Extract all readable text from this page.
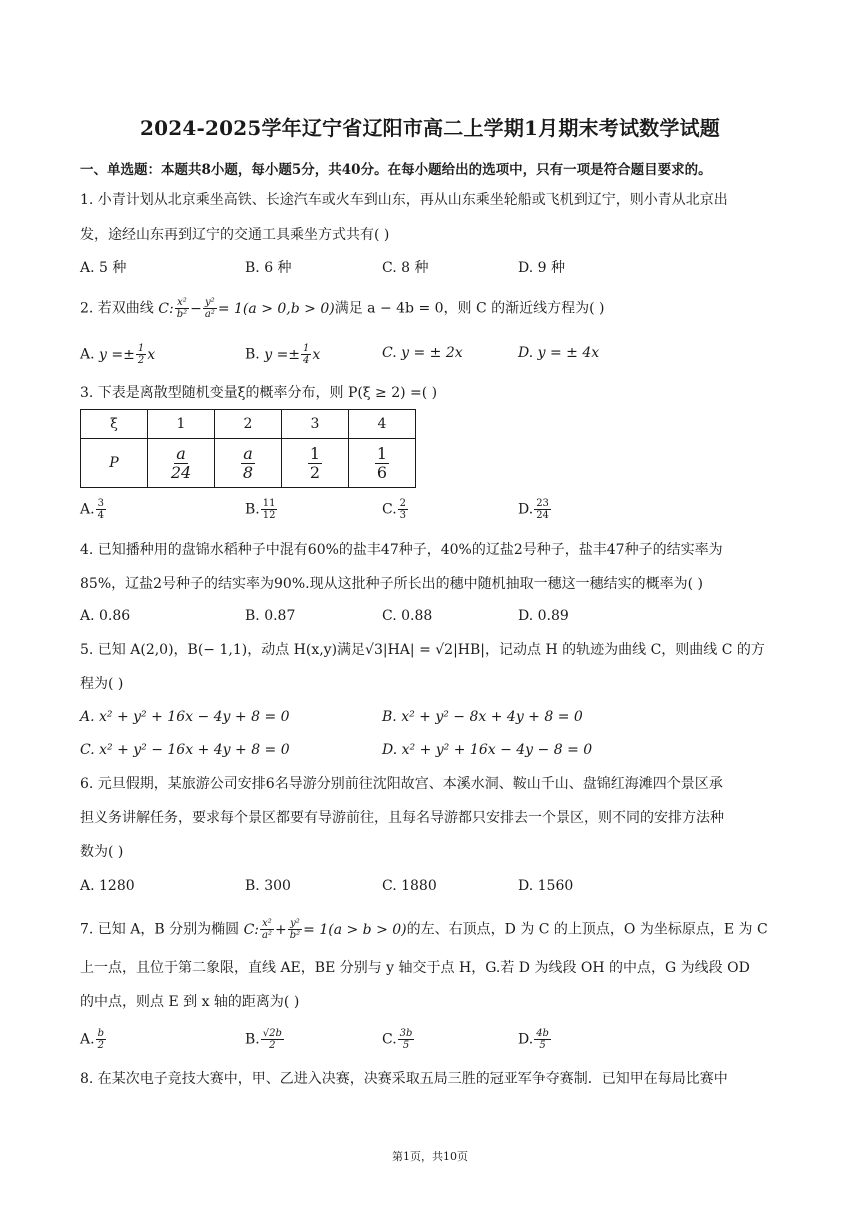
2024-2025学年辽宁省辽阳市高二上学期1月期末考试数学试题
一、单选题：本题共8小题，每小题5分，共40分。在每小题给出的选项中，只有一项是符合题目要求的。
1. 小青计划从北京乘坐高铁、长途汽车或火车到山东，再从山东乘坐轮船或飞机到辽宁，则小青从北京出
发，途经山东再到辽宁的交通工具乘坐方式共有( )
A. 5 种	B. 6 种	C. 8 种	D. 9 种
2. 若双曲线 C: $\frac{\text{x²}}{\text{b²}} - \frac{\text{y²}}{\text{a²}} = 1(a > 0,b > 0)$满足 a − 4b = 0，则 C 的渐近线方程为( )
A. $y =\pm \frac{1}{2}$ x	B. $y =\pm \frac{1}{4}$ x	C. y = ± 2x	D. y = ± 4x
3. 下表是离散型随机变量ξ的概率分布，则 P(ξ ≥ 2) =( )
ξ	1	2	3	4
P	$\frac{a}{24}$	$\frac{a}{8}$	$\frac{1}{2}$	$\frac{1}{6}$
A. $\frac{3}{4}$	B. $\frac{11}{12}$	C. $\frac{2}{3}$	D. $\frac{23}{24}$
4. 已知播种用的盘锦水稻种子中混有60%的盐丰47种子，40%的辽盐2号种子，盐丰47种子的结实率为
85%，辽盐2号种子的结实率为90%.现从这批种子所长出的穗中随机抽取一穗这一穗结实的概率为( )
A. 0.86	B. 0.87	C. 0.88	D. 0.89
5. 已知 A(2,0)，B(− 1,1)，动点 H(x,y)满足√3|HA| = √2|HB|，记动点 H 的轨迹为曲线 C，则曲线 C 的方
程为( )
A. x² + y² + 16x − 4y + 8 = 0	B. x² + y² − 8x + 4y + 8 = 0
C. x² + y² − 16x + 4y + 8 = 0	D. x² + y² + 16x − 4y − 8 = 0
6. 元旦假期，某旅游公司安排6名导游分别前往沈阳故宫、本溪水洞、鞍山千山、盘锦红海滩四个景区承
担义务讲解任务，要求每个景区都要有导游前往，且每名导游都只安排去一个景区，则不同的安排方法种
数为( )
A. 1280	B. 300	C. 1880	D. 1560
7. 已知 A，B 分别为椭圆 C: $\frac{\text{x²}}{\text{a²}} + \frac{\text{y²}}{\text{b²}} = 1(a > b > 0)$的左、右顶点，D 为 C 的上顶点，O 为坐标原点，E 为 C
上一点，且位于第二象限，直线 AE，BE 分别与 y 轴交于点 H，G.若 D 为线段 OH 的中点，G 为线段 OD
的中点，则点 E 到 x 轴的距离为( )
A. $\frac{b}{2}$	B. $\frac{√2b}{2}$	C. $\frac{3b}{5}$	D. $\frac{4b}{5}$
8. 在某次电子竞技大赛中，甲、乙进入决赛，决赛采取五局三胜的冠亚军争夺赛制．已知甲在每局比赛中
第1页，共10页
